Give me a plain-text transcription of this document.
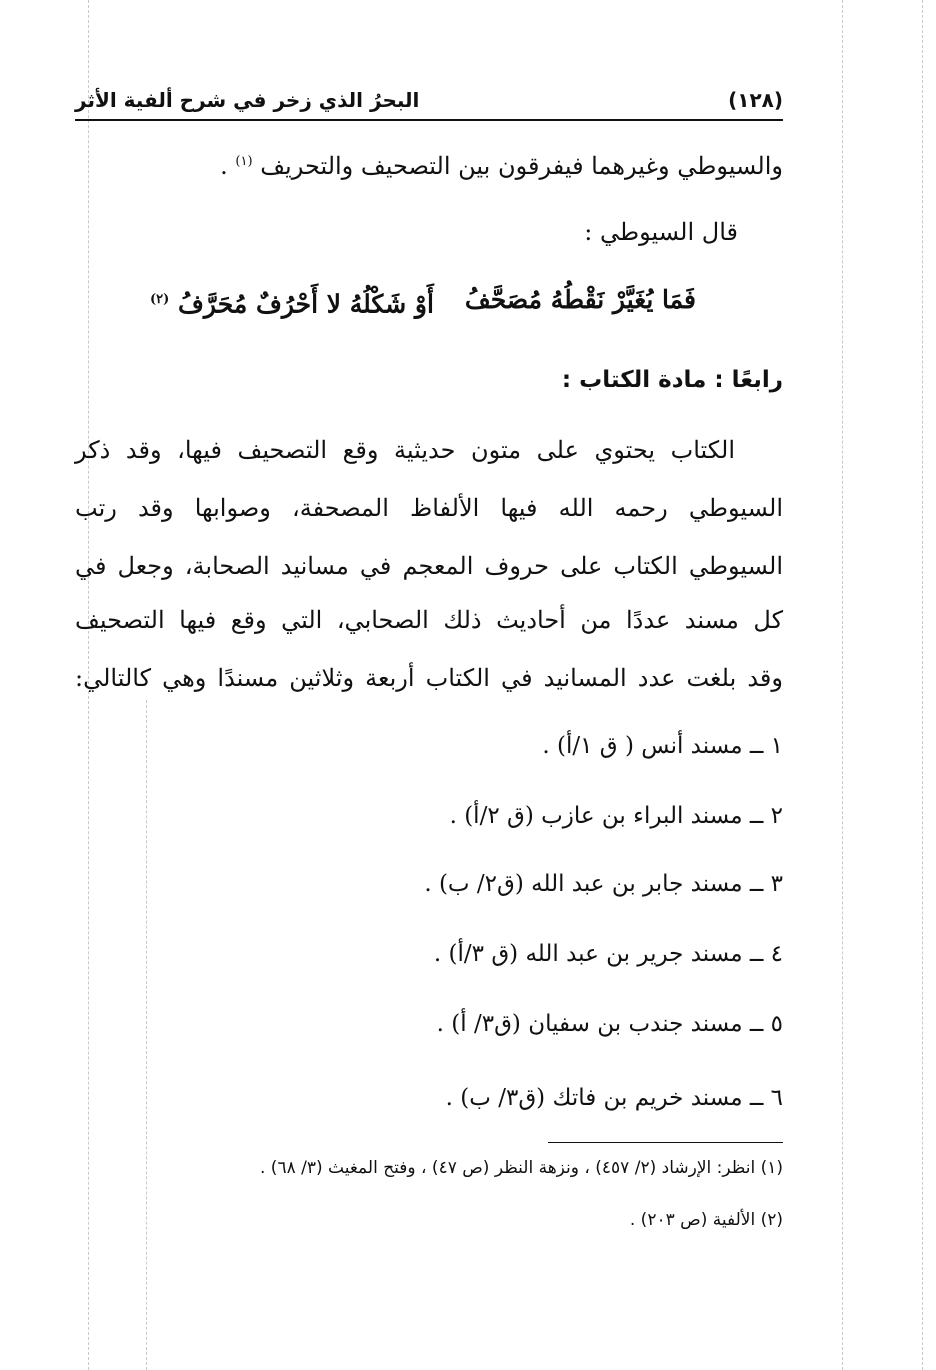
(١٢٨)
البحرُ الذي زخر في شرح ألفية الأثر
والسيوطي وغيرهما فيفرقون بين التصحيف والتحريف $^{(١)}$ .
قال السيوطي :
فَمَا يُغَيَّرْ نَقْطُهُ مُصَحَّفُ
أَوْ شَكْلُهُ لا أَحْرُفٌ مُحَرَّفُ $^{(٢)}$
رابعًا : مادة الكتاب :
الكتاب يحتوي على متون حديثية وقع التصحيف فيها، وقد ذكر
السيوطي رحمه الله فيها الألفاظ المصحفة، وصوابها وقد رتب
السيوطي الكتاب على حروف المعجم في مسانيد الصحابة، وجعل في
كل مسند عددًا من أحاديث ذلك الصحابي، التي وقع فيها التصحيف
وقد بلغت عدد المسانيد في الكتاب أربعة وثلاثين مسندًا وهي كالتالي:
١ ــ مسند أنس ( ق ١/أ) .
٢ ــ مسند البراء بن عازب (ق ٢/أ) .
٣ ــ مسند جابر بن عبد الله (ق٢/ ب) .
٤ ــ مسند جرير بن عبد الله (ق ٣/أ) .
٥ ــ مسند جندب بن سفيان (ق٣/ أ) .
٦ ــ مسند خريم بن فاتك (ق٣/ ب) .
(١) انظر: الإرشاد (٢/ ٤٥٧) ، ونزهة النظر (ص ٤٧) ، وفتح المغيث (٣/ ٦٨) .
(٢) الألفية (ص ٢٠٣) .
